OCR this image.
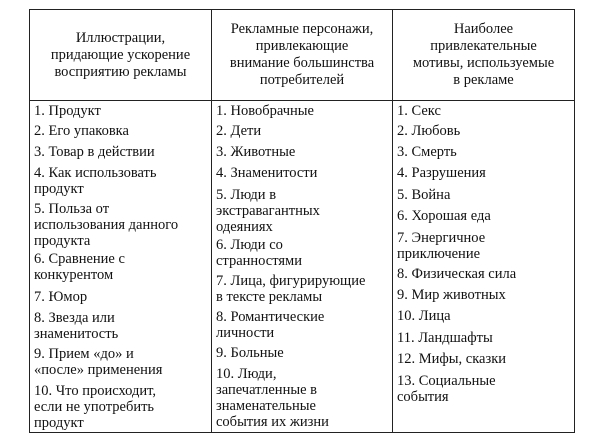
Иллюстрации,
придающие ускорение
восприятию рекламы
Рекламные персонажи,
привлекающие
внимание большинства
потребителей
Наиболее
привлекательные
мотивы, используемые
в рекламе
1. Продукт
2. Его упаковка
3. Товар в действии
4. Как использовать
продукт
5. Польза от
использования данного
продукта
6. Сравнение с
конкурентом
7. Юмор
8. Звезда или
знаменитость
9. Прием «до» и
«после» применения
10. Что происходит,
если не употребить
продукт
1. Новобрачные
2. Дети
3. Животные
4. Знаменитости
5. Люди в
экстравагантных
одеяниях
6. Люди со
странностями
7. Лица, фигурирующие
в тексте рекламы
8. Романтические
личности
9. Больные
10. Люди,
запечатленные в
знаменательные
события их жизни
1. Секс
2. Любовь
3. Смерть
4. Разрушения
5. Война
6. Хорошая еда
7. Энергичное
приключение
8. Физическая сила
9. Мир животных
10. Лица
11. Ландшафты
12. Мифы, сказки
13. Социальные
события
